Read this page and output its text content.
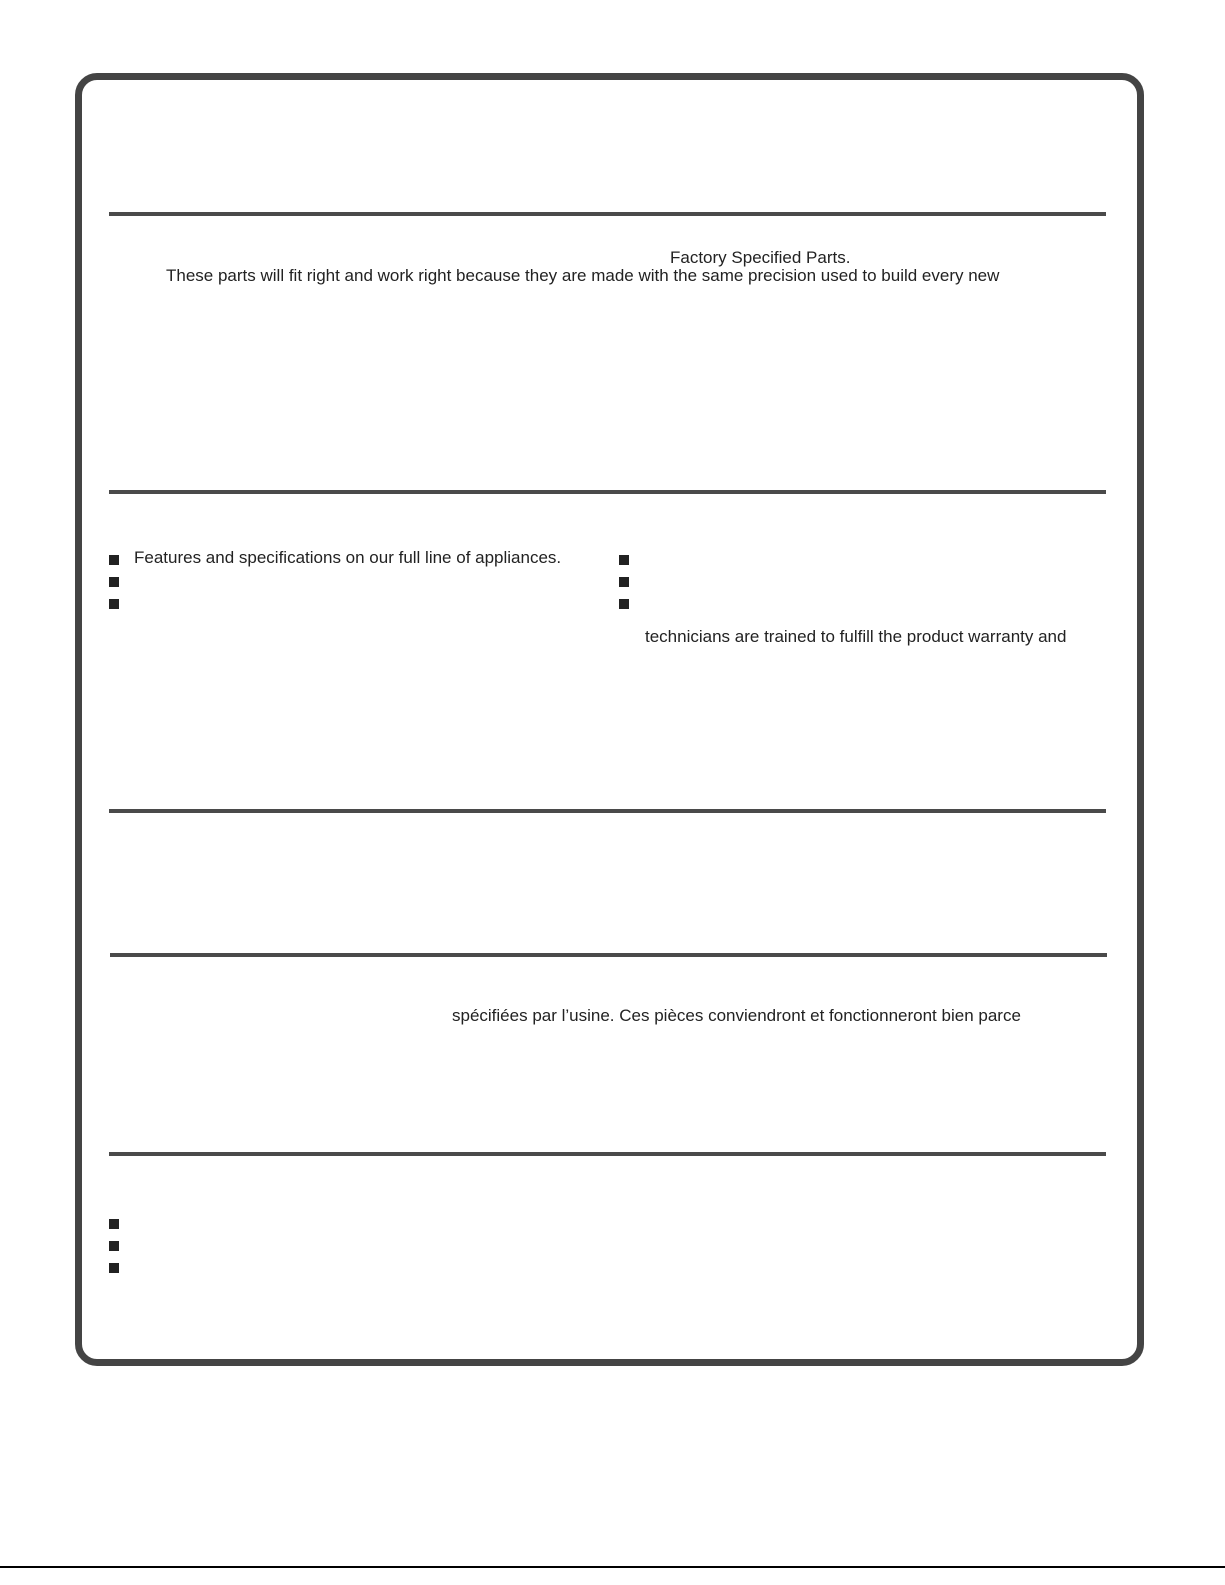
Factory Specified Parts.
These parts will fit right and work right because they are made with the same precision used to build every new
Features and specifications on our full line of appliances.
technicians are trained to fulfill the product warranty and
spécifiées par l’usine. Ces pièces conviendront et fonctionneront bien parce
